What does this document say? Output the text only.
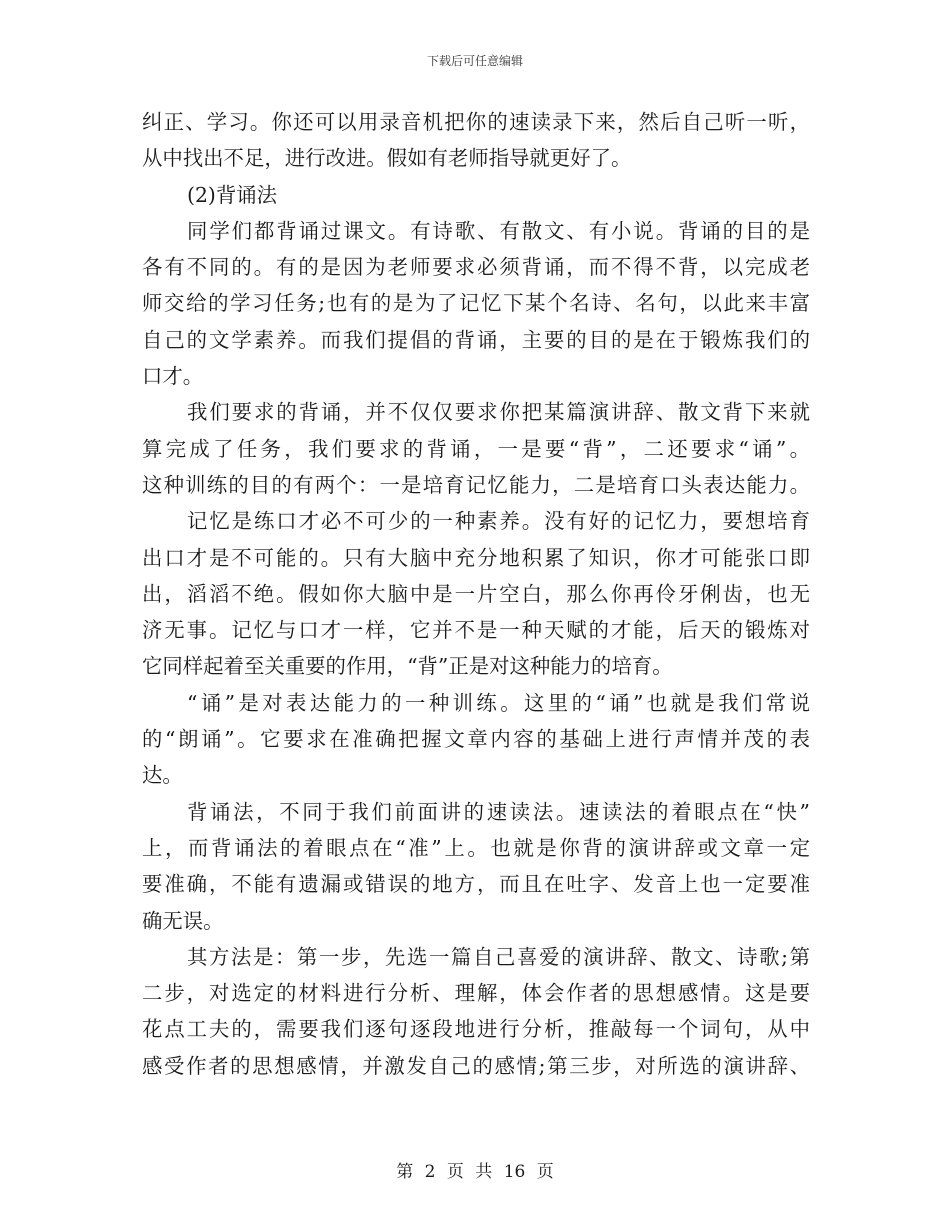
下载后可任意编辑
纠正、学习。你还可以用录音机把你的速读录下来，然后自己听一听，
从中找出不足，进行改进。假如有老师指导就更好了。
(2)背诵法
同学们都背诵过课文。有诗歌、有散文、有小说。背诵的目的是
各有不同的。有的是因为老师要求必须背诵，而不得不背，以完成老
师交给的学习任务;也有的是为了记忆下某个名诗、名句，以此来丰富
自己的文学素养。而我们提倡的背诵，主要的目的是在于锻炼我们的
口才。
我们要求的背诵，并不仅仅要求你把某篇演讲辞、散文背下来就
算完成了任务，我们要求的背诵，一是要“背”，二还要求“诵”。
这种训练的目的有两个：一是培育记忆能力，二是培育口头表达能力。
记忆是练口才必不可少的一种素养。没有好的记忆力，要想培育
出口才是不可能的。只有大脑中充分地积累了知识，你才可能张口即
出，滔滔不绝。假如你大脑中是一片空白，那么你再伶牙俐齿，也无
济无事。记忆与口才一样，它并不是一种天赋的才能，后天的锻炼对
它同样起着至关重要的作用，“背”正是对这种能力的培育。
“诵”是对表达能力的一种训练。这里的“诵”也就是我们常说
的“朗诵”。它要求在准确把握文章内容的基础上进行声情并茂的表
达。
背诵法，不同于我们前面讲的速读法。速读法的着眼点在“快”
上，而背诵法的着眼点在“准”上。也就是你背的演讲辞或文章一定
要准确，不能有遗漏或错误的地方，而且在吐字、发音上也一定要准
确无误。
其方法是：第一步，先选一篇自己喜爱的演讲辞、散文、诗歌;第
二步，对选定的材料进行分析、理解，体会作者的思想感情。这是要
花点工夫的，需要我们逐句逐段地进行分析，推敲每一个词句，从中
感受作者的思想感情，并激发自己的感情;第三步，对所选的演讲辞、
第 2 页 共 16 页
